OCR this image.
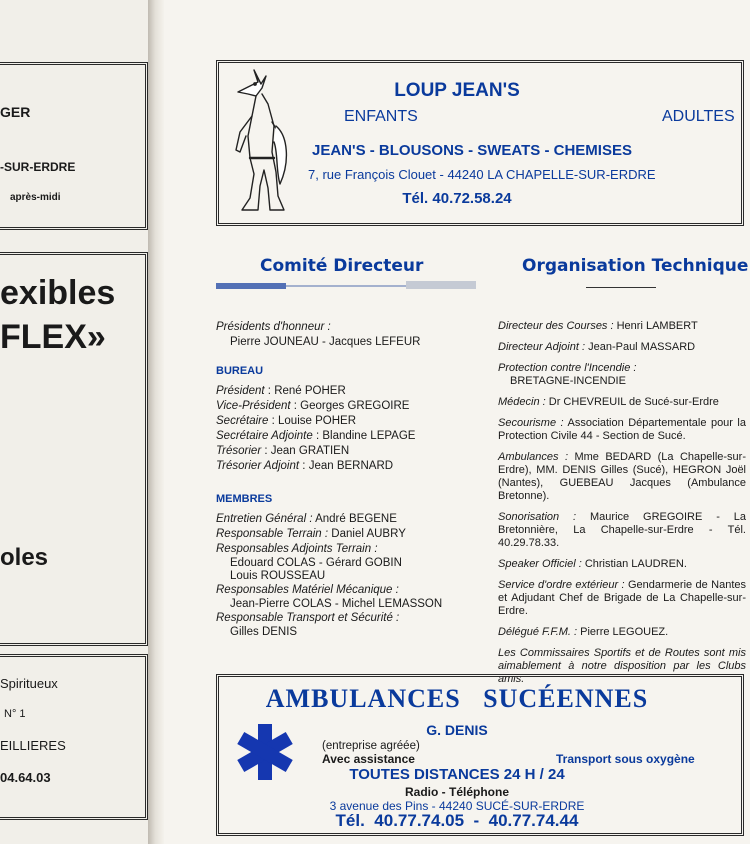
GER
-SUR-ERDRE
après-midi
exibles
FLEX»
oles
Spiritueux
N° 1
EILLIERES
04.64.03
LOUP JEAN'S
ENFANTS	ADULTES
JEAN'S - BLOUSONS - SWEATS - CHEMISES
7, rue François Clouet - 44240 LA CHAPELLE-SUR-ERDRE
Tél. 40.72.58.24
Comité Directeur
Présidents d'honneur :
Pierre JOUNEAU - Jacques LEFEUR
BUREAU
Président : René POHER
Vice-Président : Georges GREGOIRE
Secrétaire : Louise POHER
Secrétaire Adjointe : Blandine LEPAGE
Trésorier : Jean GRATIEN
Trésorier Adjoint : Jean BERNARD
MEMBRES
Entretien Général : André BEGENE
Responsable Terrain : Daniel AUBRY
Responsables Adjoints Terrain :
Edouard COLAS - Gérard GOBIN
Louis ROUSSEAU
Responsables Matériel Mécanique :
Jean-Pierre COLAS - Michel LEMASSON
Responsable Transport et Sécurité :
Gilles DENIS
Organisation Technique
Directeur des Courses : Henri LAMBERT
Directeur Adjoint : Jean-Paul MASSARD
Protection contre l'Incendie :
BRETAGNE-INCENDIE
Médecin : Dr CHEVREUIL de Sucé-sur-Erdre
Secourisme : Association Départementale pour la Protection Civile 44 - Section de Sucé.
Ambulances : Mme BEDARD (La Chapelle-sur-Erdre), MM. DENIS Gilles (Sucé), HEGRON Joël (Nantes), GUEBEAU Jacques (Ambulance Bretonne).
Sonorisation : Maurice GREGOIRE - La Bretonnière, La Chapelle-sur-Erdre - Tél. 40.29.78.33.
Speaker Officiel : Christian LAUDREN.
Service d'ordre extérieur : Gendarmerie de Nantes et Adjudant Chef de Brigade de La Chapelle-sur-Erdre.
Délégué F.F.M. : Pierre LEGOUEZ.
Les Commissaires Sportifs et de Routes sont mis aimablement à notre disposition par les Clubs amis.
AMBULANCES   SUCÉENNES
G. DENIS
(entreprise agréée)
Avec assistance	Transport sous oxygène
TOUTES DISTANCES 24 H / 24
Radio - Téléphone
3 avenue des Pins - 44240 SUCÉ-SUR-ERDRE
Tél.  40.77.74.05  -  40.77.74.44
